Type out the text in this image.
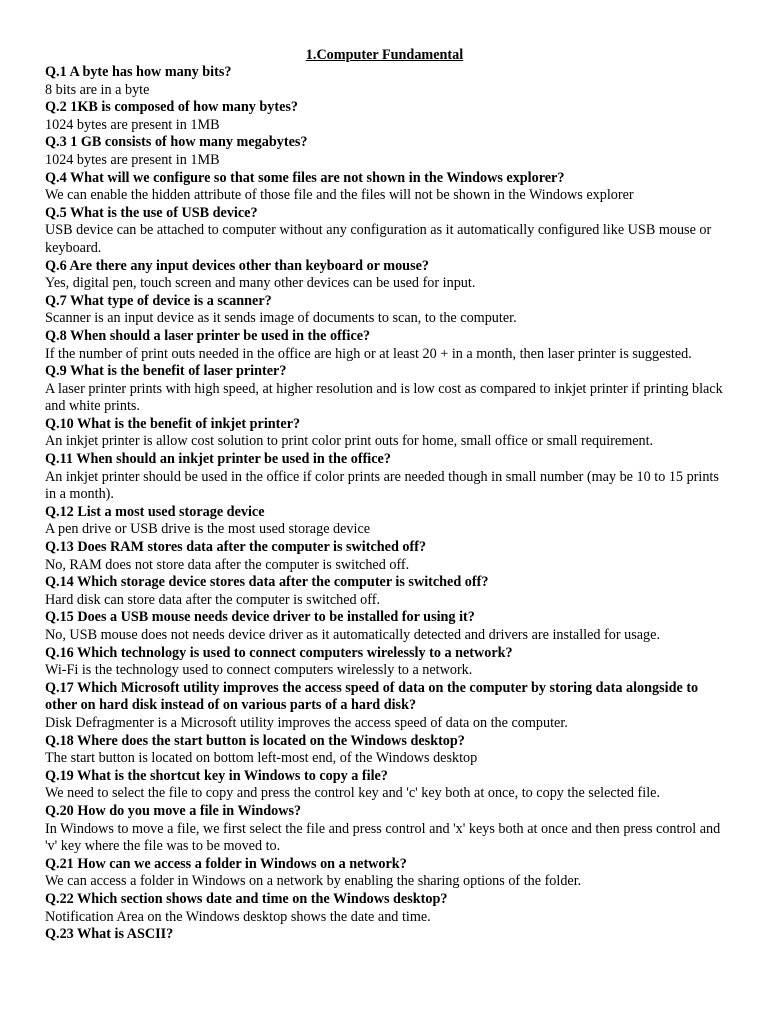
1.Computer Fundamental
Q.1 A byte has how many bits?
8 bits are in a byte
Q.2 1KB is composed of how many bytes?
1024 bytes are present in 1MB
Q.3 1 GB consists of how many megabytes?
1024 bytes are present in 1MB
Q.4 What will we configure so that some files are not shown in the Windows explorer?
We can enable the hidden attribute of those file and the files will not be shown in the Windows explorer
Q.5 What is the use of USB device?
USB device can be attached to computer without any configuration as it automatically configured like USB mouse or keyboard.
Q.6 Are there any input devices other than keyboard or mouse?
Yes, digital pen, touch screen and many other devices can be used for input.
Q.7 What type of device is a scanner?
Scanner is an input device as it sends image of documents to scan, to the computer.
Q.8 When should a laser printer be used in the office?
If the number of print outs needed in the office are high or at least 20 + in a month, then laser printer is suggested.
Q.9 What is the benefit of laser printer?
A laser printer prints with high speed, at higher resolution and is low cost as compared to inkjet printer if printing black and white prints.
Q.10 What is the benefit of inkjet printer?
An inkjet printer is allow cost solution to print color print outs for home, small office or small requirement.
Q.11 When should an inkjet printer be used in the office?
An inkjet printer should be used in the office if color prints are needed though in small number (may be 10 to 15 prints in a month).
Q.12 List a most used storage device
A pen drive or USB drive is the most used storage device
Q.13 Does RAM stores data after the computer is switched off?
No, RAM does not store data after the computer is switched off.
Q.14 Which storage device stores data after the computer is switched off?
Hard disk can store data after the computer is switched off.
Q.15 Does a USB mouse needs device driver to be installed for using it?
No, USB mouse does not needs device driver as it automatically detected and drivers are installed for usage.
Q.16 Which technology is used to connect computers wirelessly to a network?
Wi-Fi is the technology used to connect computers wirelessly to a network.
Q.17 Which Microsoft utility improves the access speed of data on the computer by storing data alongside to other on hard disk instead of on various parts of a hard disk?
Disk Defragmenter is a Microsoft utility improves the access speed of data on the computer.
Q.18 Where does the start button is located on the Windows desktop?
The start button is located on bottom left-most end, of the Windows desktop
Q.19 What is the shortcut key in Windows to copy a file?
We need to select the file to copy and press the control key and 'c' key both at once, to copy the selected file.
Q.20 How do you move a file in Windows?
In Windows to move a file, we first select the file and press control and 'x' keys both at once and then press control and 'v' key where the file was to be moved to.
Q.21 How can we access a folder in Windows on a network?
We can access a folder in Windows on a network by enabling the sharing options of the folder.
Q.22 Which section shows date and time on the Windows desktop?
Notification Area on the Windows desktop shows the date and time.
Q.23 What is ASCII?
